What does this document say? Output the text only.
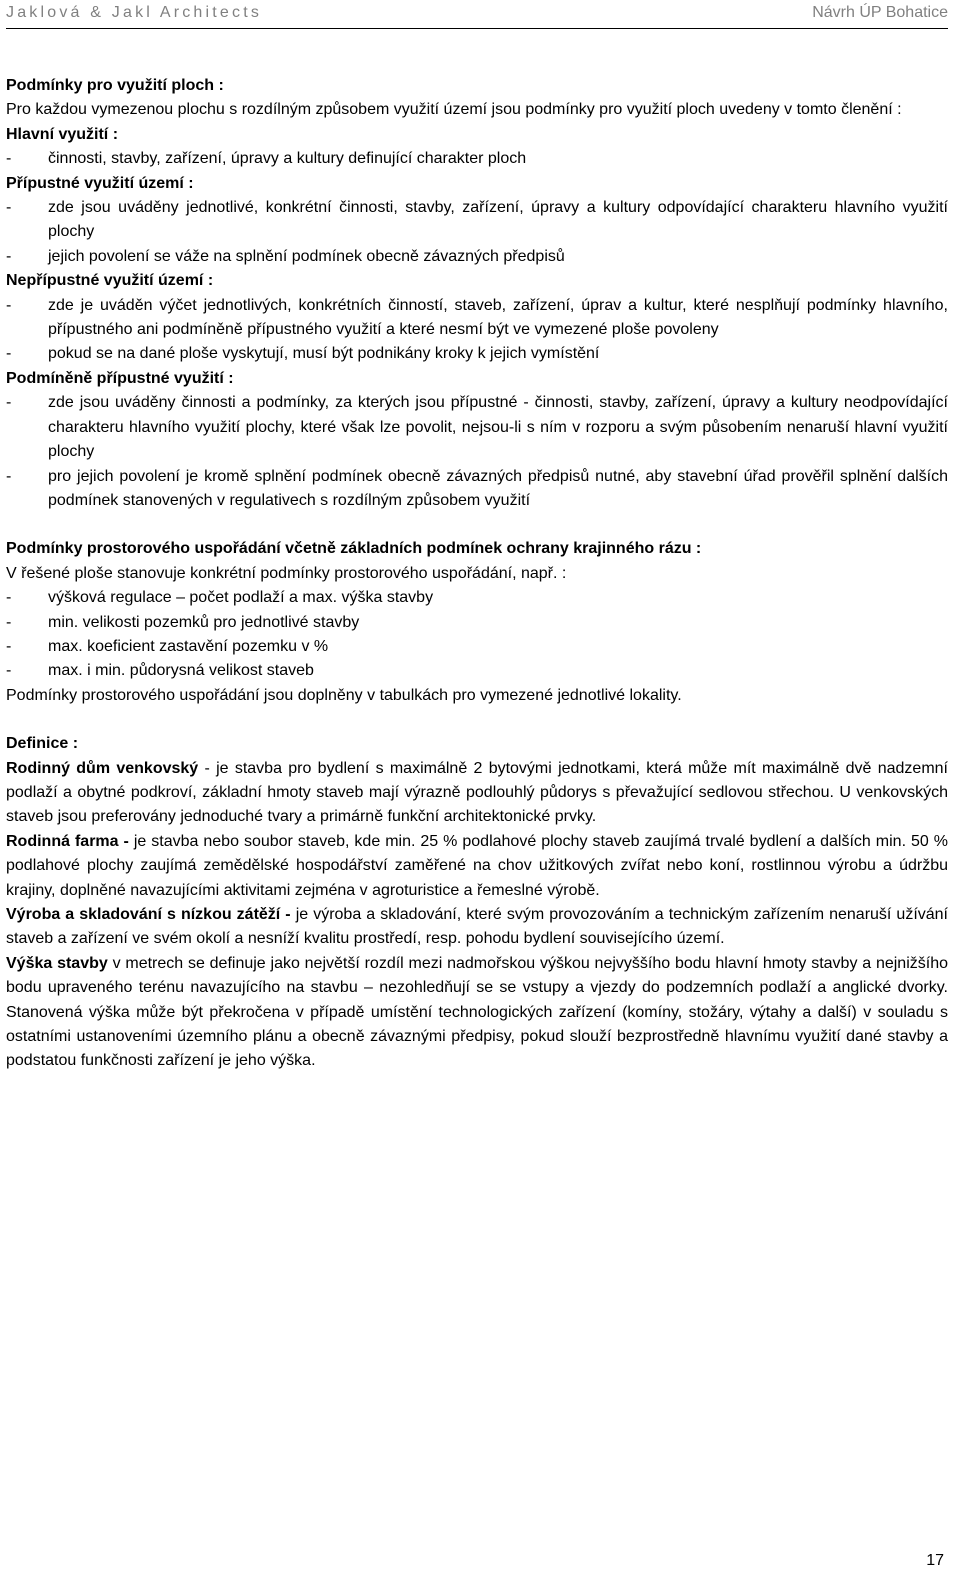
Jaklová & Jakl Architects	Návrh ÚP Bohatice

Podmínky pro využití ploch :

Pro každou vymezenou plochu s rozdílným způsobem využití území jsou podmínky pro využití ploch uvedeny v tomto členění :

Hlavní využití :

-	činnosti, stavby, zařízení, úpravy a kultury definující charakter ploch

Přípustné využití území :

-	zde jsou uváděny jednotlivé, konkrétní činnosti, stavby, zařízení, úpravy a kultury odpovídající charakteru hlavního využití plochy
-	jejich povolení se váže na splnění podmínek obecně závazných předpisů

Nepřípustné využití území :

-	zde je uváděn výčet jednotlivých, konkrétních činností, staveb, zařízení, úprav a kultur, které nesplňují podmínky hlavního, přípustného ani podmíněně přípustného využití a které nesmí být ve vymezené ploše povoleny
-	pokud se na dané ploše vyskytují, musí být podnikány kroky k jejich vymístění

Podmíněně přípustné využití :

-	zde jsou uváděny činnosti a podmínky, za kterých jsou přípustné - činnosti, stavby, zařízení, úpravy a kultury neodpovídající charakteru hlavního využití plochy, které však lze povolit, nejsou-li s ním v rozporu a svým působením nenaruší hlavní využití plochy
-	pro jejich povolení je kromě splnění podmínek obecně závazných předpisů nutné, aby stavební úřad prověřil splnění dalších podmínek stanovených v regulativech s rozdílným způsobem využití

Podmínky prostorového uspořádání včetně základních podmínek ochrany krajinného rázu :

V řešené ploše stanovuje konkrétní podmínky prostorového uspořádání, např. :

-	výšková regulace – počet podlaží a max. výška stavby
-	min. velikosti pozemků pro jednotlivé stavby
-	max. koeficient zastavění pozemku v %
-	max. i min. půdorysná velikost staveb

Podmínky prostorového uspořádání jsou doplněny v tabulkách pro vymezené jednotlivé lokality.

Definice :

Rodinný dům venkovský - je stavba pro bydlení s maximálně 2 bytovými jednotkami, která může mít maximálně dvě nadzemní podlaží a obytné podkroví, základní hmoty staveb mají výrazně podlouhlý půdorys s převažující sedlovou střechou. U venkovských staveb jsou preferovány jednoduché tvary a primárně funkční architektonické prvky.

Rodinná farma - je stavba nebo soubor staveb, kde min. 25 % podlahové plochy staveb zaujímá trvalé bydlení a dalších min. 50 % podlahové plochy zaujímá zemědělské hospodářství zaměřené na chov užitkových zvířat nebo koní, rostlinnou výrobu a údržbu krajiny, doplněné navazujícími aktivitami zejména v agroturistice a řemeslné výrobě.

Výroba a skladování s nízkou zátěží - je výroba a skladování, které svým provozováním a technickým zařízením nenaruší užívání staveb a zařízení ve svém okolí a nesníží kvalitu prostředí, resp. pohodu bydlení souvisejícího území.

Výška stavby v metrech se definuje jako největší rozdíl mezi nadmořskou výškou nejvyššího bodu hlavní hmoty stavby a nejnižšího bodu upraveného terénu navazujícího na stavbu – nezohledňují se se vstupy a vjezdy do podzemních podlaží a anglické dvorky. Stanovená výška může být překročena v případě umístění technologických zařízení (komíny, stožáry, výtahy a další) v souladu s ostatními ustanoveními územního plánu a obecně závaznými předpisy, pokud slouží bezprostředně hlavnímu využití dané stavby a podstatou funkčnosti zařízení je jeho výška.

17
